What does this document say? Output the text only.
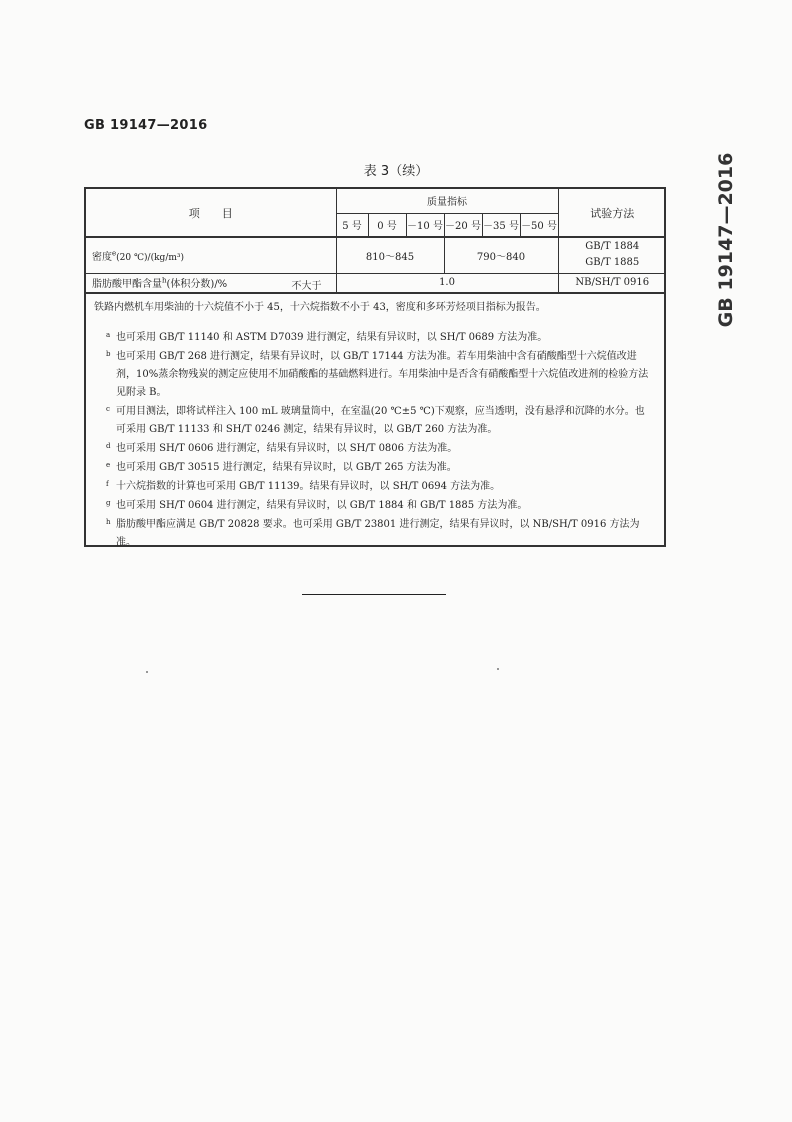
GB 19147—2016
GB 19147—2016
表 3（续）
项　　目	质量指标						试验方法
	5 号	0 号	－10 号	－20 号	－35 号	－50 号	
密度$^e$(20 ℃)/(kg/m³)	810～845			790～840			GB/T 1884
GB/T 1885

脂肪酸甲酯含量$^h$(体积分数)/% 不大于	1.0						NB/SH/T 0916
铁路内燃机车用柴油的十六烷值不小于 45，十六烷指数不小于 43，密度和多环芳烃项目指标为报告。							
a 也可采用 GB/T 11140 和 ASTM D7039 进行测定，结果有异议时，以 SH/T 0689 方法为准。
b 也可采用 GB/T 268 进行测定，结果有异议时，以 GB/T 17144 方法为准。若车用柴油中含有硝酸酯型十六烷值改进剂，10%蒸余物残炭的测定应使用不加硝酸酯的基础燃料进行。车用柴油中是否含有硝酸酯型十六烷值改进剂的检验方法见附录 B。
c 可用目测法，即将试样注入 100 mL 玻璃量筒中，在室温(20 ℃±5 ℃)下观察，应当透明，没有悬浮和沉降的水分。也可采用 GB/T 11133 和 SH/T 0246 测定，结果有异议时，以 GB/T 260 方法为准。
d 也可采用 SH/T 0606 进行测定，结果有异议时，以 SH/T 0806 方法为准。
e 也可采用 GB/T 30515 进行测定，结果有异议时，以 GB/T 265 方法为准。
f 十六烷指数的计算也可采用 GB/T 11139。结果有异议时，以 SH/T 0694 方法为准。
g 也可采用 SH/T 0604 进行测定，结果有异议时，以 GB/T 1884 和 GB/T 1885 方法为准。
h 脂肪酸甲酯应满足 GB/T 20828 要求。也可采用 GB/T 23801 进行测定，结果有异议时，以 NB/SH/T 0916 方法为准。
